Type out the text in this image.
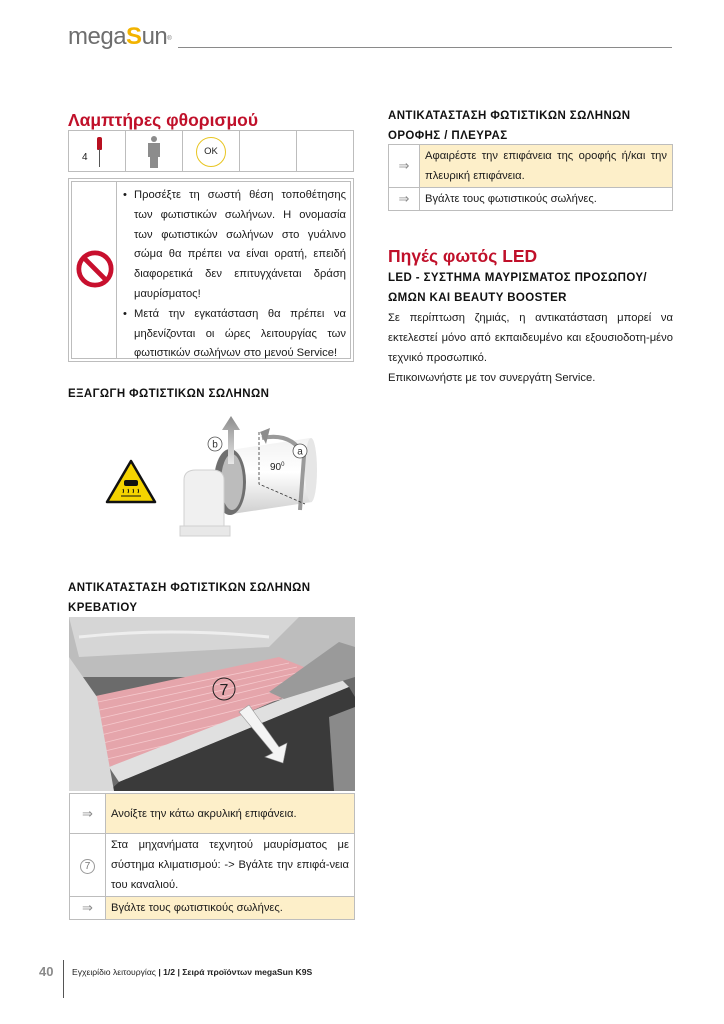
megaSun®
Λαμπτήρες φθορισμού
4
OK
• Προσέξτε τη σωστή θέση τοποθέτησης των φωτιστικών σωλήνων. Η ονομασία των φωτιστικών σωλήνων στο γυάλινο σώμα θα πρέπει να είναι ορατή, επειδή διαφορετικά δεν επιτυγχάνεται δράση μαυρίσματος!
• Μετά την εγκατάσταση θα πρέπει να μηδενίζονται οι ώρες λειτουργίας των φωτιστικών σωλήνων στο μενού Service!
ΕΞΑΓΩΓΗ ΦΩΤΙΣΤΙΚΩΝ ΣΩΛΗΝΩΝ
b
a
$90^0$
ΑΝΤΙΚΑΤΑΣΤΑΣΗ ΦΩΤΙΣΤΙΚΩΝ ΣΩΛΗΝΩΝ
ΚΡΕΒΑΤΙΟΥ
7
⇒	Ανοίξτε την κάτω ακρυλική επιφάνεια.
7	Στα μηχανήματα τεχνητού μαυρίσματος με σύστημα κλιματισμού: -> Βγάλτε την επιφά-νεια του καναλιού.
⇒	Βγάλτε τους φωτιστικούς σωλήνες.
ΑΝΤΙΚΑΤΑΣΤΑΣΗ ΦΩΤΙΣΤΙΚΩΝ ΣΩΛΗΝΩΝ
ΟΡΟΦΗΣ / ΠΛΕΥΡΑΣ
⇒	Αφαιρέστε την επιφάνεια της οροφής ή/και την πλευρική επιφάνεια.
⇒	Βγάλτε τους φωτιστικούς σωλήνες.
Πηγές φωτός LED
LED - ΣΥΣΤΗΜΑ ΜΑΥΡΙΣΜΑΤΟΣ ΠΡΟΣΩΠΟΥ/
ΩΜΩΝ ΚΑΙ BEAUTY BOOSTER

Σε περίπτωση ζημιάς, η αντικατάσταση μπορεί να εκτελεστεί μόνο από εκπαιδευμένο και εξουσιοδοτη-μένο τεχνικό προσωπικό.

Επικοινωνήστε με τον συνεργάτη Service.

40 Εγχειρίδιο λειτουργίας | 1/2 | Σειρά προϊόντων megaSun K9S
